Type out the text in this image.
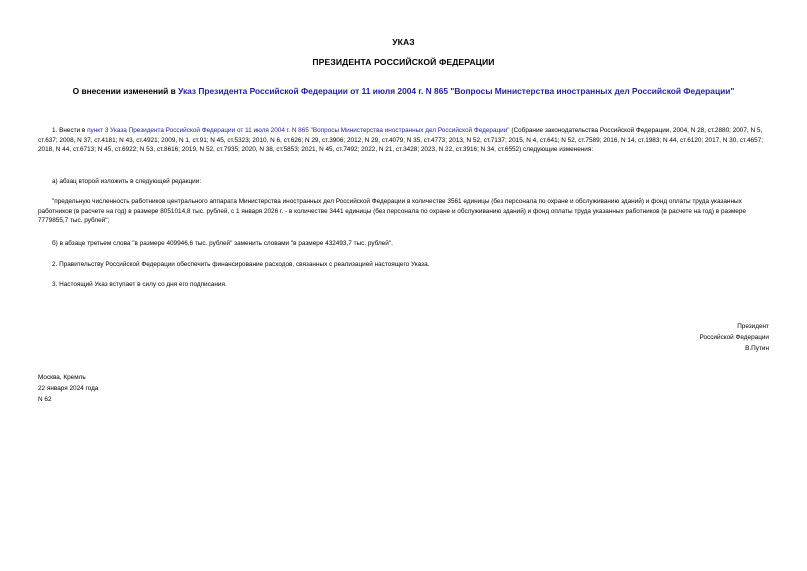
УКАЗ
ПРЕЗИДЕНТА РОССИЙСКОЙ ФЕДЕРАЦИИ
О внесении изменений в Указ Президента Российской Федерации от 11 июля 2004 г. N 865 "Вопросы Министерства иностранных дел Российской Федерации"
1. Внести в пункт 3 Указа Президента Российской Федерации от 11 июля 2004 г. N 865 "Вопросы Министерства иностранных дел Российской Федерации" (Собрание законодательства Российской Федерации, 2004, N 28, ст.2880; 2007, N 5, ст.637; 2008, N 37, ст.4181; N 43, ст.4921; 2009, N 1, ст.91; N 45, ст.5323; 2010, N 6, ст.626; N 29, ст.3906; 2012, N 29, ст.4079; N 35, ст.4773; 2013, N 52, ст.7137; 2015, N 4, ст.641; N 52, ст.7589; 2016, N 14, ст.1983; N 44, ст.6120; 2017, N 30, ст.4657; 2018, N 44, ст.6713; N 45, ст.6922; N 53, ст.8616; 2019, N 52, ст.7935; 2020, N 38, ст.5853; 2021, N 45, ст.7492; 2022, N 21, ст.3428; 2023, N 22, ст.3916; N 34, ст.6552) следующие изменения:
а) абзац второй изложить в следующей редакции:
"предельную численность работников центрального аппарата Министерства иностранных дел Российской Федерации в количестве 3561 единицы (без персонала по охране и обслуживанию зданий) и фонд оплаты труда указанных работников (в расчете на год) в размере 8051014,8 тыс. рублей, с 1 января 2026 г. - в количестве 3441 единицы (без персонала по охране и обслуживанию зданий) и фонд оплаты труда указанных работников (в расчете на год) в размере 7779855,7 тыс. рублей";
б) в абзаце третьем слова "в размере 409946,6 тыс. рублей" заменить словами "в размере 432493,7 тыс. рублей".
2. Правительству Российской Федерации обеспечить финансирование расходов, связанных с реализацией настоящего Указа.
3. Настоящий Указ вступает в силу со дня его подписания.
Президент
Российской Федерации
В.Путин
Москва, Кремль
22 января 2024 года
N 62
